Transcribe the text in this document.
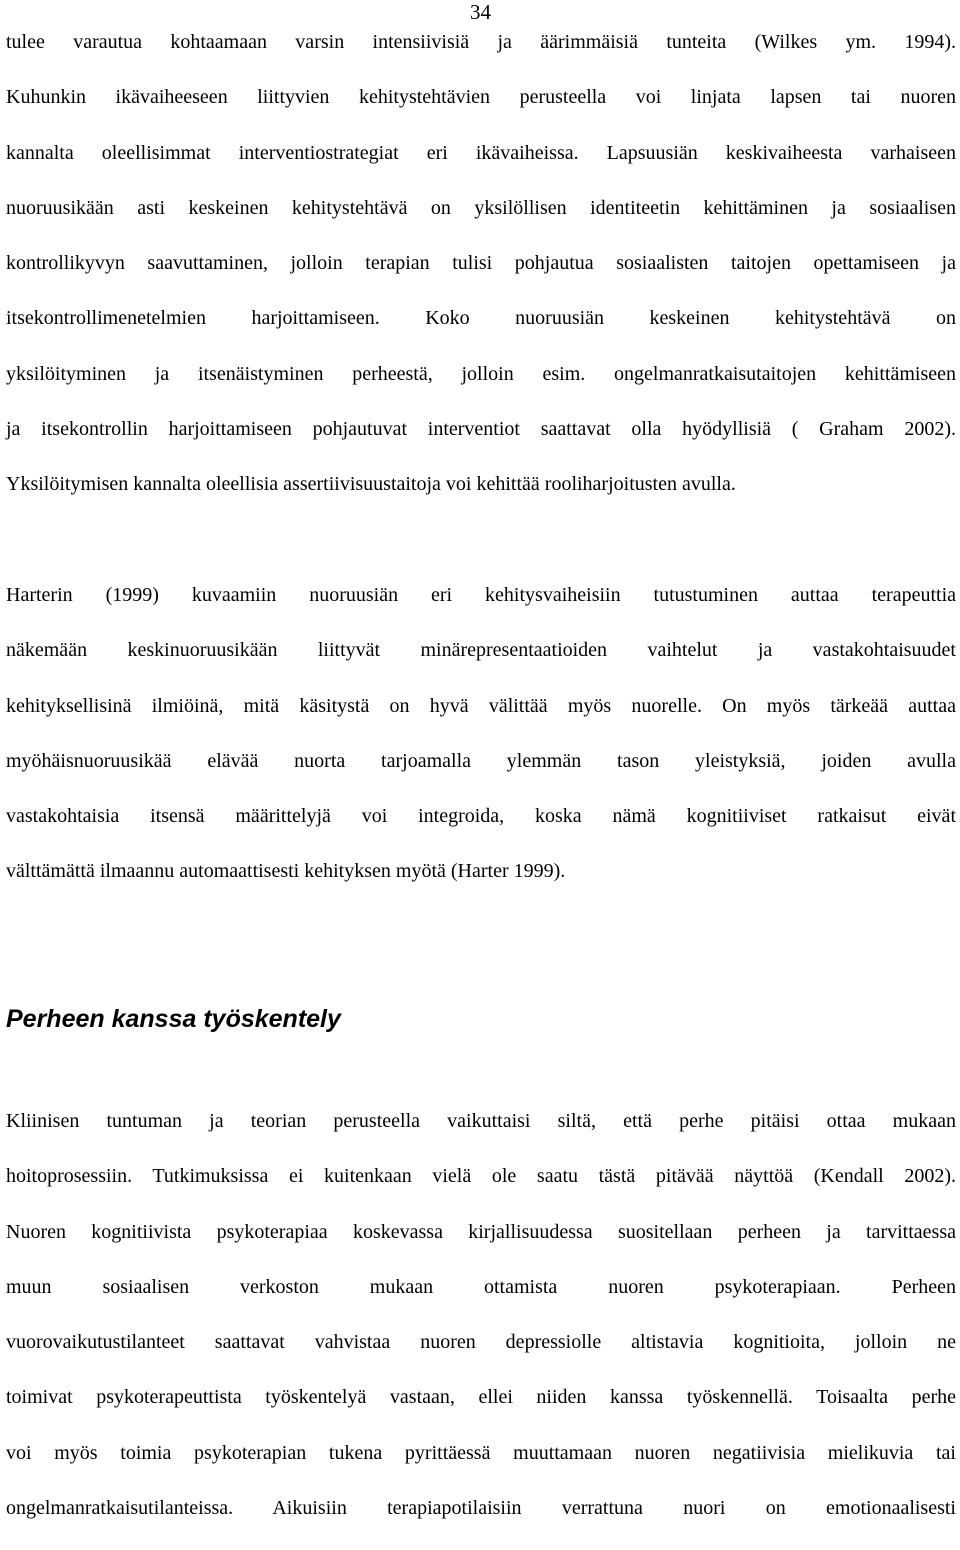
34
tulee varautua kohtaamaan varsin intensiivisiä ja äärimmäisiä tunteita (Wilkes ym. 1994).
Kuhunkin ikävaiheeseen liittyvien kehitystehtävien perusteella voi linjata lapsen tai nuoren
kannalta oleellisimmat interventiostrategiat eri ikävaiheissa. Lapsuusiän keskivaiheesta varhaiseen
nuoruusikään asti keskeinen kehitystehtävä on yksilöllisen identiteetin kehittäminen ja sosiaalisen
kontrollikyvyn saavuttaminen, jolloin terapian tulisi pohjautua sosiaalisten taitojen opettamiseen ja
itsekontrollimenetelmien harjoittamiseen. Koko nuoruusiän keskeinen kehitystehtävä on
yksilöityminen ja itsenäistyminen perheestä, jolloin esim. ongelmanratkaisutaitojen kehittämiseen
ja itsekontrollin harjoittamiseen pohjautuvat interventiot saattavat olla hyödyllisiä ( Graham 2002).
Yksilöitymisen kannalta oleellisia assertiivisuustaitoja voi kehittää rooliharjoitusten avulla.
Harterin (1999) kuvaamiin nuoruusiän eri kehitysvaiheisiin tutustuminen auttaa terapeuttia
näkemään keskinuoruusikään liittyvät minärepresentaatioiden vaihtelut ja vastakohtaisuudet
kehityksellisinä ilmiöinä, mitä käsitystä on hyvä välittää myös nuorelle. On myös tärkeää auttaa
myöhäisnuoruusikää elävää nuorta tarjoamalla ylemmän tason yleistyksiä, joiden avulla
vastakohtaisia itsensä määrittelyjä voi integroida, koska nämä kognitiiviset ratkaisut eivät
välttämättä ilmaannu automaattisesti kehityksen myötä (Harter 1999).
Perheen kanssa työskentely
Kliinisen tuntuman ja teorian perusteella vaikuttaisi siltä, että perhe pitäisi ottaa mukaan
hoitoprosessiin. Tutkimuksissa ei kuitenkaan vielä ole saatu tästä pitävää näyttöä (Kendall 2002).
Nuoren kognitiivista psykoterapiaa koskevassa kirjallisuudessa suositellaan perheen ja tarvittaessa
muun sosiaalisen verkoston mukaan ottamista nuoren psykoterapiaan. Perheen
vuorovaikutustilanteet saattavat vahvistaa nuoren depressiolle altistavia kognitioita, jolloin ne
toimivat psykoterapeuttista työskentelyä vastaan, ellei niiden kanssa työskennellä. Toisaalta perhe
voi myös toimia psykoterapian tukena pyrittäessä muuttamaan nuoren negatiivisia mielikuvia tai
ongelmanratkaisutilanteissa. Aikuisiin terapiapotilaisiin verrattuna nuori on emotionaalisesti
